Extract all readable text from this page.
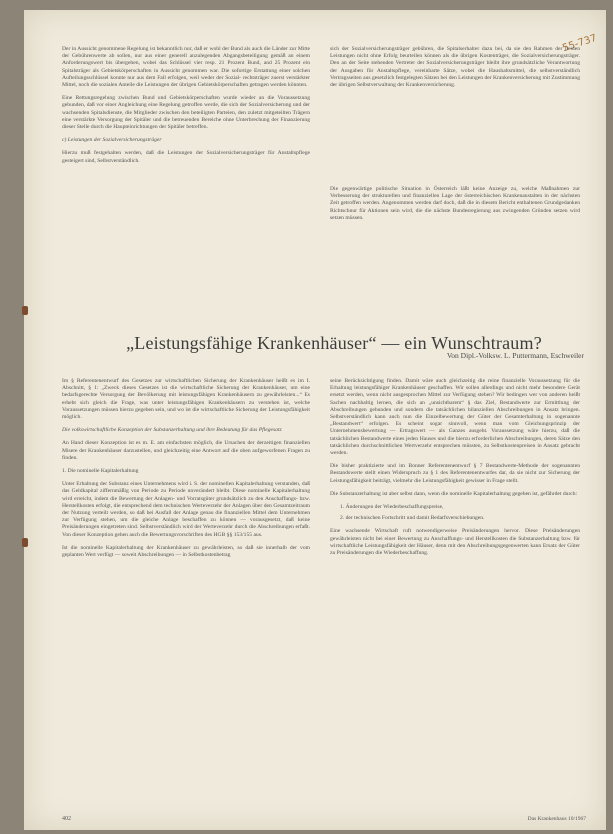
55-737

Der in Aussicht genommene Regelung ist bekanntlich nur, daß er wohl der Bund als auch die Länder zur Mitte der Gebührenwerte ab sollen, nur aus einer generell anzulegenden Abgangsbeteiligung gemäß an einem Anforderungswert bis übergehen, wobei das Schlüssel vier resp. 21 Prozent Bund, and 25 Prozent ein Spitalsträger als Gebietskörperschaften in Aussicht genommen war. Die sofortige Erstattung einer solchen Aufteilungsschlüssel konnte nur aus dem Fall erfolgen, weil weder der Sozial- rechtsträger zuerst verstärkter Mittel, noch die sozialen Anteile die Leistungen der übrigen Gebietskörperschaften getragen werden könnten.

Eine Rettungsregelung zwischen Bund und Gebietskörperschaften wurde wieder an die Voraussetzung gebunden, daß vor einer Angleichung eine Regelung getroffen werde, die sich der Sozialversicherung und der wachsenden Spitalsdienste, die Mitglieder zwischen den beteiligten Parteien, den zuletzt mitgeteilten Trägern eine verstärkte Versorgung der Spitäler und die betreuenden Bereiche ohne Unterbrechung der Finanzierung dieser Stelle durch die Haupteinrichtungen der Spitäler betreffen.

c) Leistungen der Sozialversicherungsträger

Hierzu muß festgehalten werden, daß die Leistungen der Sozialversicherungsträger für Anstaltspflege gesteigert sind, Selbstverständlich.

sich der Sozialversicherungsträger gebühren, die Spitalserhalter dazu bei, da sie den Rahmen der beiden Leistungen nicht ohne Erfolg beurteilen können als die übrigen Kostenträger, die Sozialversicherungsträger. Den an der Seite stehenden Vertreter der Sozialversicherungsträger bleibt ihre grundsätzliche Verantwortung der Ausgaben für Anstaltspflege, vereinbarte Sätze, wobei die Haushaltsmittel, die selbstverständlich Vertragsseiten aus gesetzlich festgelegten Sätzen bei den Leistungen der Krankenversicherung mit Zustimmung der übrigen Selbstverwaltung der Krankenversicherung.

Die gegenwärtige politische Situation in Österreich läßt keine Anzeige zu, welche Maßnahmen zur Verbesserung der strukturellen und finanziellen Lage der österreichischen Krankenanstalten in der nächsten Zeit getroffen werden. Angenommen werden darf doch, daß die in diesem Bericht enthaltenen Grundgedanken Richtschnur für Aktionen sein wird, die die nächste Bundesregierung aus zwingenden Gründen setzen wird setzen müssen.

„Leistungsfähige Krankenhäuser“ — ein Wunschtraum?
Von Dipl.-Volksw. L. Puttermann, Eschweiler

Im § Referentenentwurf des Gesetzes zur wirtschaftlichen Sicherung der Krankenhäuser heißt es im I. Abschnitt, § 1: „Zweck dieses Gesetzes ist die wirtschaftliche Sicherung der Krankenhäuser, um eine bedarfsgerechte Versorgung der Bevölkerung mit leistungsfähigen Krankenhäusern zu gewährleisten...“ Es erhebt sich gleich die Frage, was unter leistungsfähigen Krankenhäusern zu verstehen ist, welche Voraussetzungen müssen hierzu gegeben sein, und wo ist die wirtschaftliche Sicherung der Leistungsfähigkeit möglich.

Die volkswirtschaftliche Konzeption der Substanzerhaltung und ihre Bedeutung für das Pflegesatz

An Hand dieser Konzeption ist es m. E. am einfachsten möglich, die Ursachen der derzeitigen finanziellen Misere der Krankenhäuser darzustellen, und gleichzeitig eine Antwort auf die oben aufgeworfenen Fragen zu finden.

1. Die nominelle Kapitalerhaltung

Unter Erhaltung der Substanz eines Unternehmens wird i. S. der nominellen Kapitalerhaltung verstanden, daß das Geldkapital ziffernmäßig von Periode zu Periode unverändert bleibt. Diese nominelle Kapitalerhaltung wird erreicht, indem die Bewertung der Anlagen- und Vorratsgüter grundsätzlich zu den Anschaffungs- bzw. Herstellkosten erfolgt, die entsprechend dem technischen Werteverzehr der Anlagen über den Gesamtzeitraum der Nutzung verteilt werden, so daß bei Ausfall der Anlage genau die finanziellen Mittel dem Unternehmen zur Verfügung stehen, um die gleiche Anlage beschaffen zu können — vorausgesetzt, daß keine Preisänderungen eingetreten sind. Selbstverständlich wird der Werteverzehr durch die Abschreibungen erfaßt. Von dieser Konzeption gehen auch die Bewertungsvorschriften des HGB §§ 153/155 aus.

Ist die nominelle Kapitalerhaltung der Krankenhäuser zu gewährleisten, so daß sie innerhalb der vom geplanten Wert verfügt — soweit Abschreibungen — in Selbstkostenbetrag

seine Berücksichtigung finden. Damit wäre auch gleichzeitig die reine finanzielle Voraussetzung für die Erhaltung leistungsfähiger Krankenhäuser geschaffen. Wir sollen allerdings und nicht mehr besondere Gerät ersetzt werden, wenn nicht ausgesprochen Mittel zur Verfügung stehen? Wir bedingen wer von anderen heißt Sachen nachhaltig lernen, die sich an „unsichtbarem“ § das Ziel, Bestandwerte zur Ermittlung der Abschreibungen gebunden und sondern die tatsächlichen bilanziellen Abschreibungen in Ansatz bringen. Selbstverständlich kann auch nun die Einzelbewertung der Güter der Gesamterhaltung in sogenannte „Bestandwert“ erfolgen. Es scheint sogar sinnvoll, wenn man vom Gleichungsprinzip der Unternehmensbewertung — Ertragswert — als Ganzes ausgeht. Voraussetzung wäre hierzu, daß die tatsächlichen Bestandwerte eines jeden Hauses und die hierzu erforderlichen Abschreibungen, deren Sätze den tatsächlichen durchschnittlichen Wertverzehr entsprechen müssten, zu Selbstkostenpreisen in Ansatz gebracht werden.

Die bisher praktizierte und im Bonner Referentenentwurf § 7 Bestandwerte-Methode der sogenannten Bestandswerte stellt einen Widerspruch zu § 1 des Referentenentwurfes dar, da sie nicht zur Sicherung der Leistungsfähigkeit beiträgt, vielmehr die Leistungsfähigkeit gewisser in Frage stellt.

Die Substanzerhaltung ist aber selbst dann, wenn die nominelle Kapitalerhaltung gegeben ist, gefährdet durch:

1. Änderungen der Wiederbeschaffungspreise,
2. der technischen Fortschritt und damit Bedarfsverschiebungen.

Eine wachsende Wirtschaft ruft notwendigerweise Preisänderungen hervor. Diese Preisänderungen gewährleisten nicht bei einer Bewertung zu Anschaffungs- und Herstellkosten die Substanzerhaltung bzw. für wirtschaftliche Leistungsfähigkeit der Häuser, denn mit den Abschreibungsgegenwerten kann Ersatz der Güter zu Preisänderungen die Wiederbeschaffung.

402	Das Krankenhaus 10/1967
